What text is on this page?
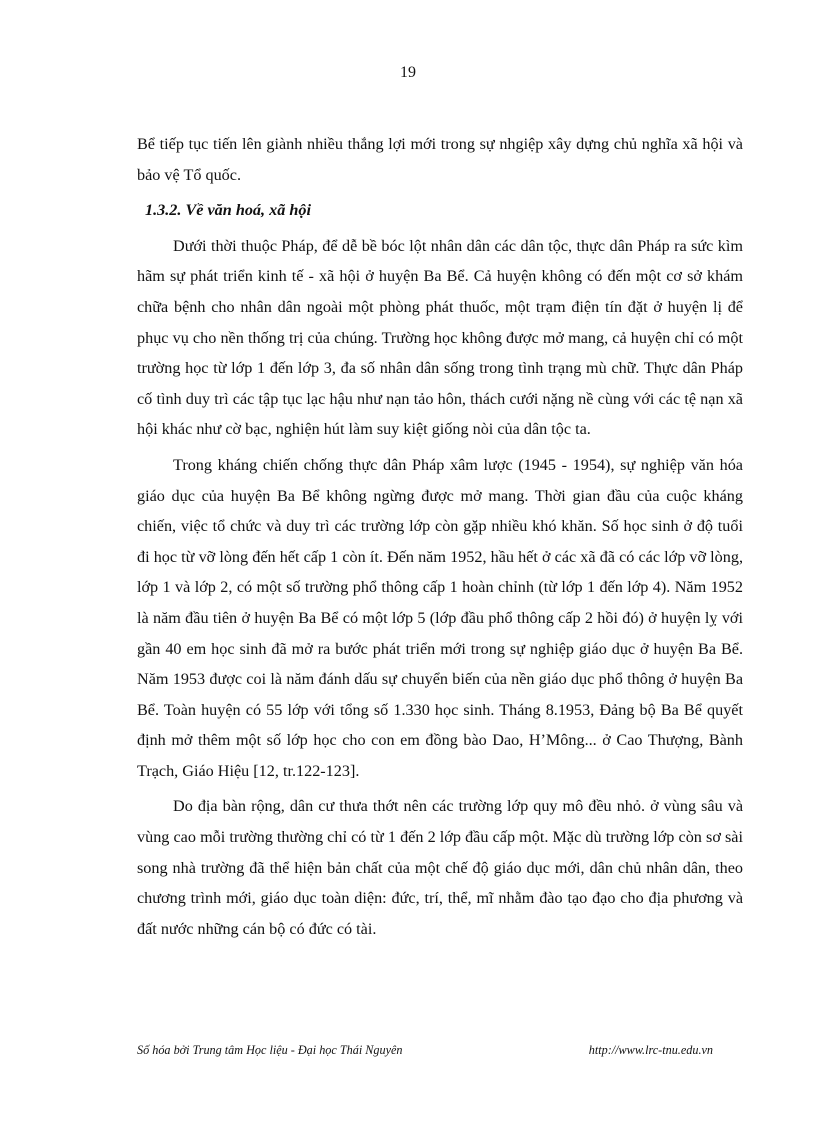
19

Bể tiếp tục tiến lên giành nhiều thắng lợi mới trong sự nhgiệp xây dựng chủ nghĩa xã hội và bảo vệ Tổ quốc.

1.3.2. Về văn hoá, xã hội

Dưới thời thuộc Pháp, để dễ bề bóc lột nhân dân các dân tộc, thực dân Pháp ra sức kìm hãm sự phát triển kinh tế - xã hội ở huyện Ba Bể. Cả huyện không có đến một cơ sở khám chữa bệnh cho nhân dân ngoài một phòng phát thuốc, một trạm điện tín đặt ở huyện lị để phục vụ cho nền thống trị của chúng. Trường học không được mở mang, cả huyện chỉ có một trường học từ lớp 1 đến lớp 3, đa số nhân dân sống trong tình trạng mù chữ. Thực dân Pháp cố tình duy trì các tập tục lạc hậu như nạn tảo hôn, thách cưới nặng nề cùng với các tệ nạn xã hội khác như cờ bạc, nghiện hút làm suy kiệt giống nòi của dân tộc ta.

Trong kháng chiến chống thực dân Pháp xâm lược (1945 - 1954), sự nghiệp văn hóa giáo dục của huyện Ba Bể không ngừng được mở mang. Thời gian đầu của cuộc kháng chiến, việc tổ chức và duy trì các trường lớp còn gặp nhiều khó khăn. Số học sinh ở độ tuổi đi học từ vỡ lòng đến hết cấp 1 còn ít. Đến năm 1952, hầu hết ở các xã đã có các lớp vỡ lòng, lớp 1 và lớp 2, có một số trường phổ thông cấp 1 hoàn chỉnh (từ lớp 1 đến lớp 4). Năm 1952 là năm đầu tiên ở huyện Ba Bể có một lớp 5 (lớp đầu phổ thông cấp 2 hồi đó) ở huyện lỵ với gần 40 em học sinh đã mở ra bước phát triển mới trong sự nghiệp giáo dục ở huyện Ba Bể. Năm 1953 được coi là năm đánh dấu sự chuyển biến của nền giáo dục phổ thông ở huyện Ba Bể. Toàn huyện có 55 lớp với tổng số 1.330 học sinh. Tháng 8.1953, Đảng bộ Ba Bể quyết định mở thêm một số lớp học cho con em đồng bào Dao, H’Mông... ở Cao Thượng, Bành Trạch, Giáo Hiệu [12, tr.122-123].

Do địa bàn rộng, dân cư thưa thớt nên các trường lớp quy mô đều nhỏ. ở vùng sâu và vùng cao mỗi trường thường chỉ có từ 1 đến 2 lớp đầu cấp một. Mặc dù trường lớp còn sơ sài song nhà trường đã thể hiện bản chất của một chế độ giáo dục mới, dân chủ nhân dân, theo chương trình mới, giáo dục toàn diện: đức, trí, thể, mĩ nhằm đào tạo đạo cho địa phương và đất nước những cán bộ có đức có tài.

Số hóa bởi Trung tâm Học liệu - Đại học Thái Nguyên	http://www.lrc-tnu.edu.vn
